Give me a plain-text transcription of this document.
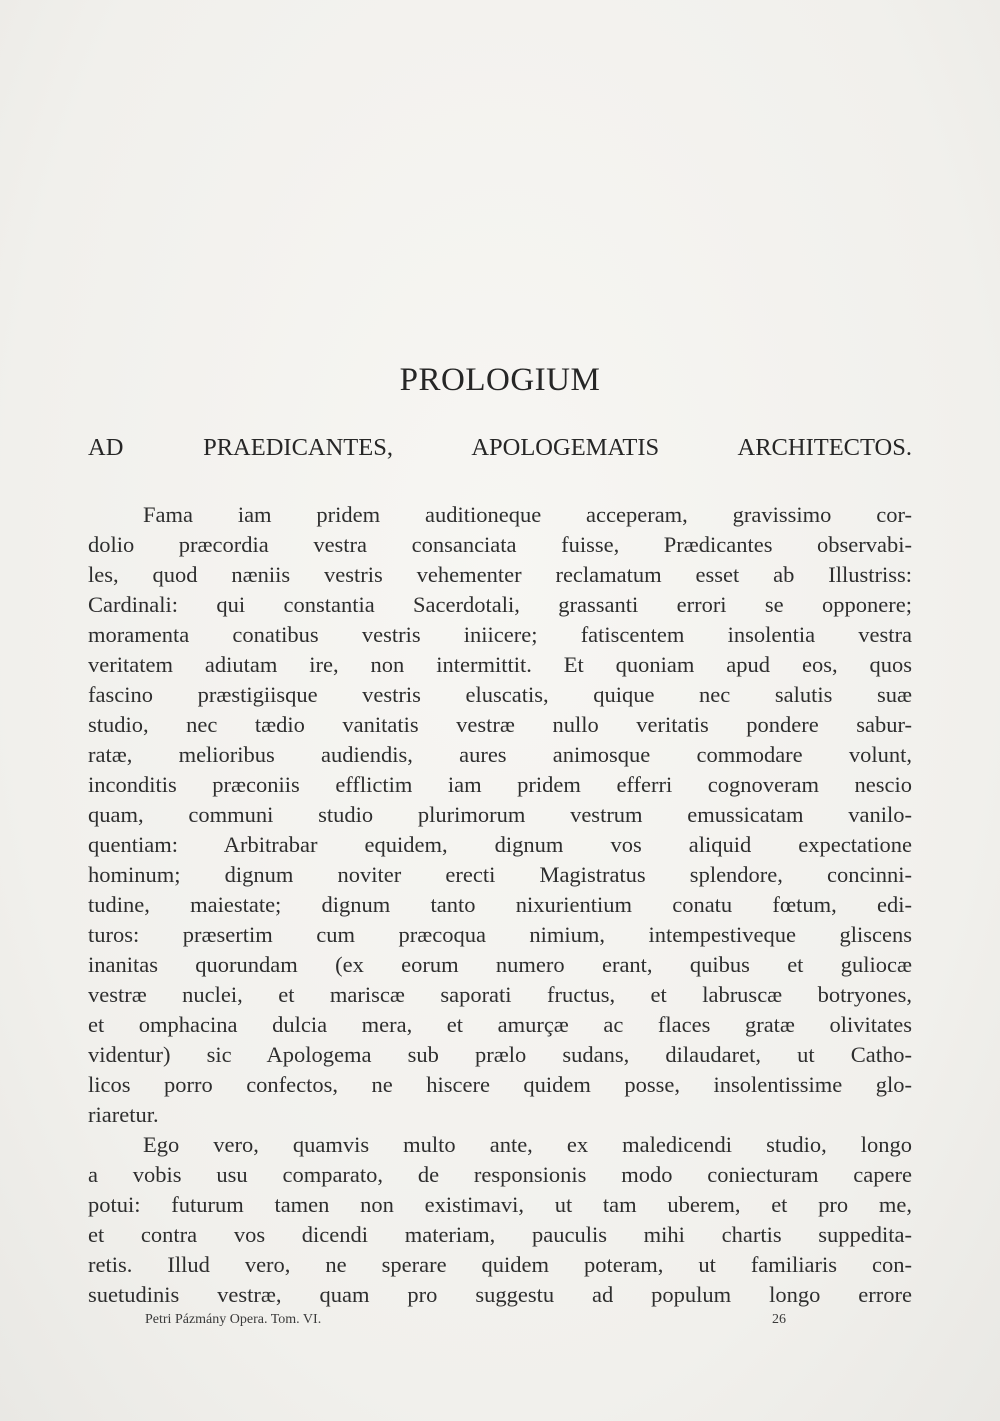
PROLOGIUM
AD PRAEDICANTES, APOLOGEMATIS ARCHITECTOS.
Fama iam pridem auditioneque acceperam, gravissimo cor-
dolio præcordia vestra consanciata fuisse, Prædicantes observabi-
les, quod næniis vestris vehementer reclamatum esset ab Illustriss:
Cardinali: qui constantia Sacerdotali, grassanti errori se opponere;
moramenta conatibus vestris iniicere; fatiscentem insolentia vestra
veritatem adiutam ire, non intermittit. Et quoniam apud eos, quos
fascino præstigiisque vestris eluscatis, quique nec salutis suæ
studio, nec tædio vanitatis vestræ nullo veritatis pondere sabur-
ratæ, melioribus audiendis, aures animosque commodare volunt,
inconditis præconiis efflictim iam pridem efferri cognoveram nescio
quam, communi studio plurimorum vestrum emussicatam vanilo-
quentiam: Arbitrabar equidem, dignum vos aliquid expectatione
hominum; dignum noviter erecti Magistratus splendore, concinni-
tudine, maiestate; dignum tanto nixurientium conatu fœtum, edi-
turos: præsertim cum præcoqua nimium, intempestiveque gliscens
inanitas quorundam (ex eorum numero erant, quibus et guliocæ
vestræ nuclei, et mariscæ saporati fructus, et labruscæ botryones,
et omphacina dulcia mera, et amurçæ ac flaces gratæ olivitates
videntur) sic Apologema sub prælo sudans, dilaudaret, ut Catho-
licos porro confectos, ne hiscere quidem posse, insolentissime glo-
riaretur.
Ego vero, quamvis multo ante, ex maledicendi studio, longo
a vobis usu comparato, de responsionis modo coniecturam capere
potui: futurum tamen non existimavi, ut tam uberem, et pro me,
et contra vos dicendi materiam, pauculis mihi chartis suppedita-
retis. Illud vero, ne sperare quidem poteram, ut familiaris con-
suetudinis vestræ, quam pro suggestu ad populum longo errore
Petri Pázmány Opera. Tom. VI.	26
